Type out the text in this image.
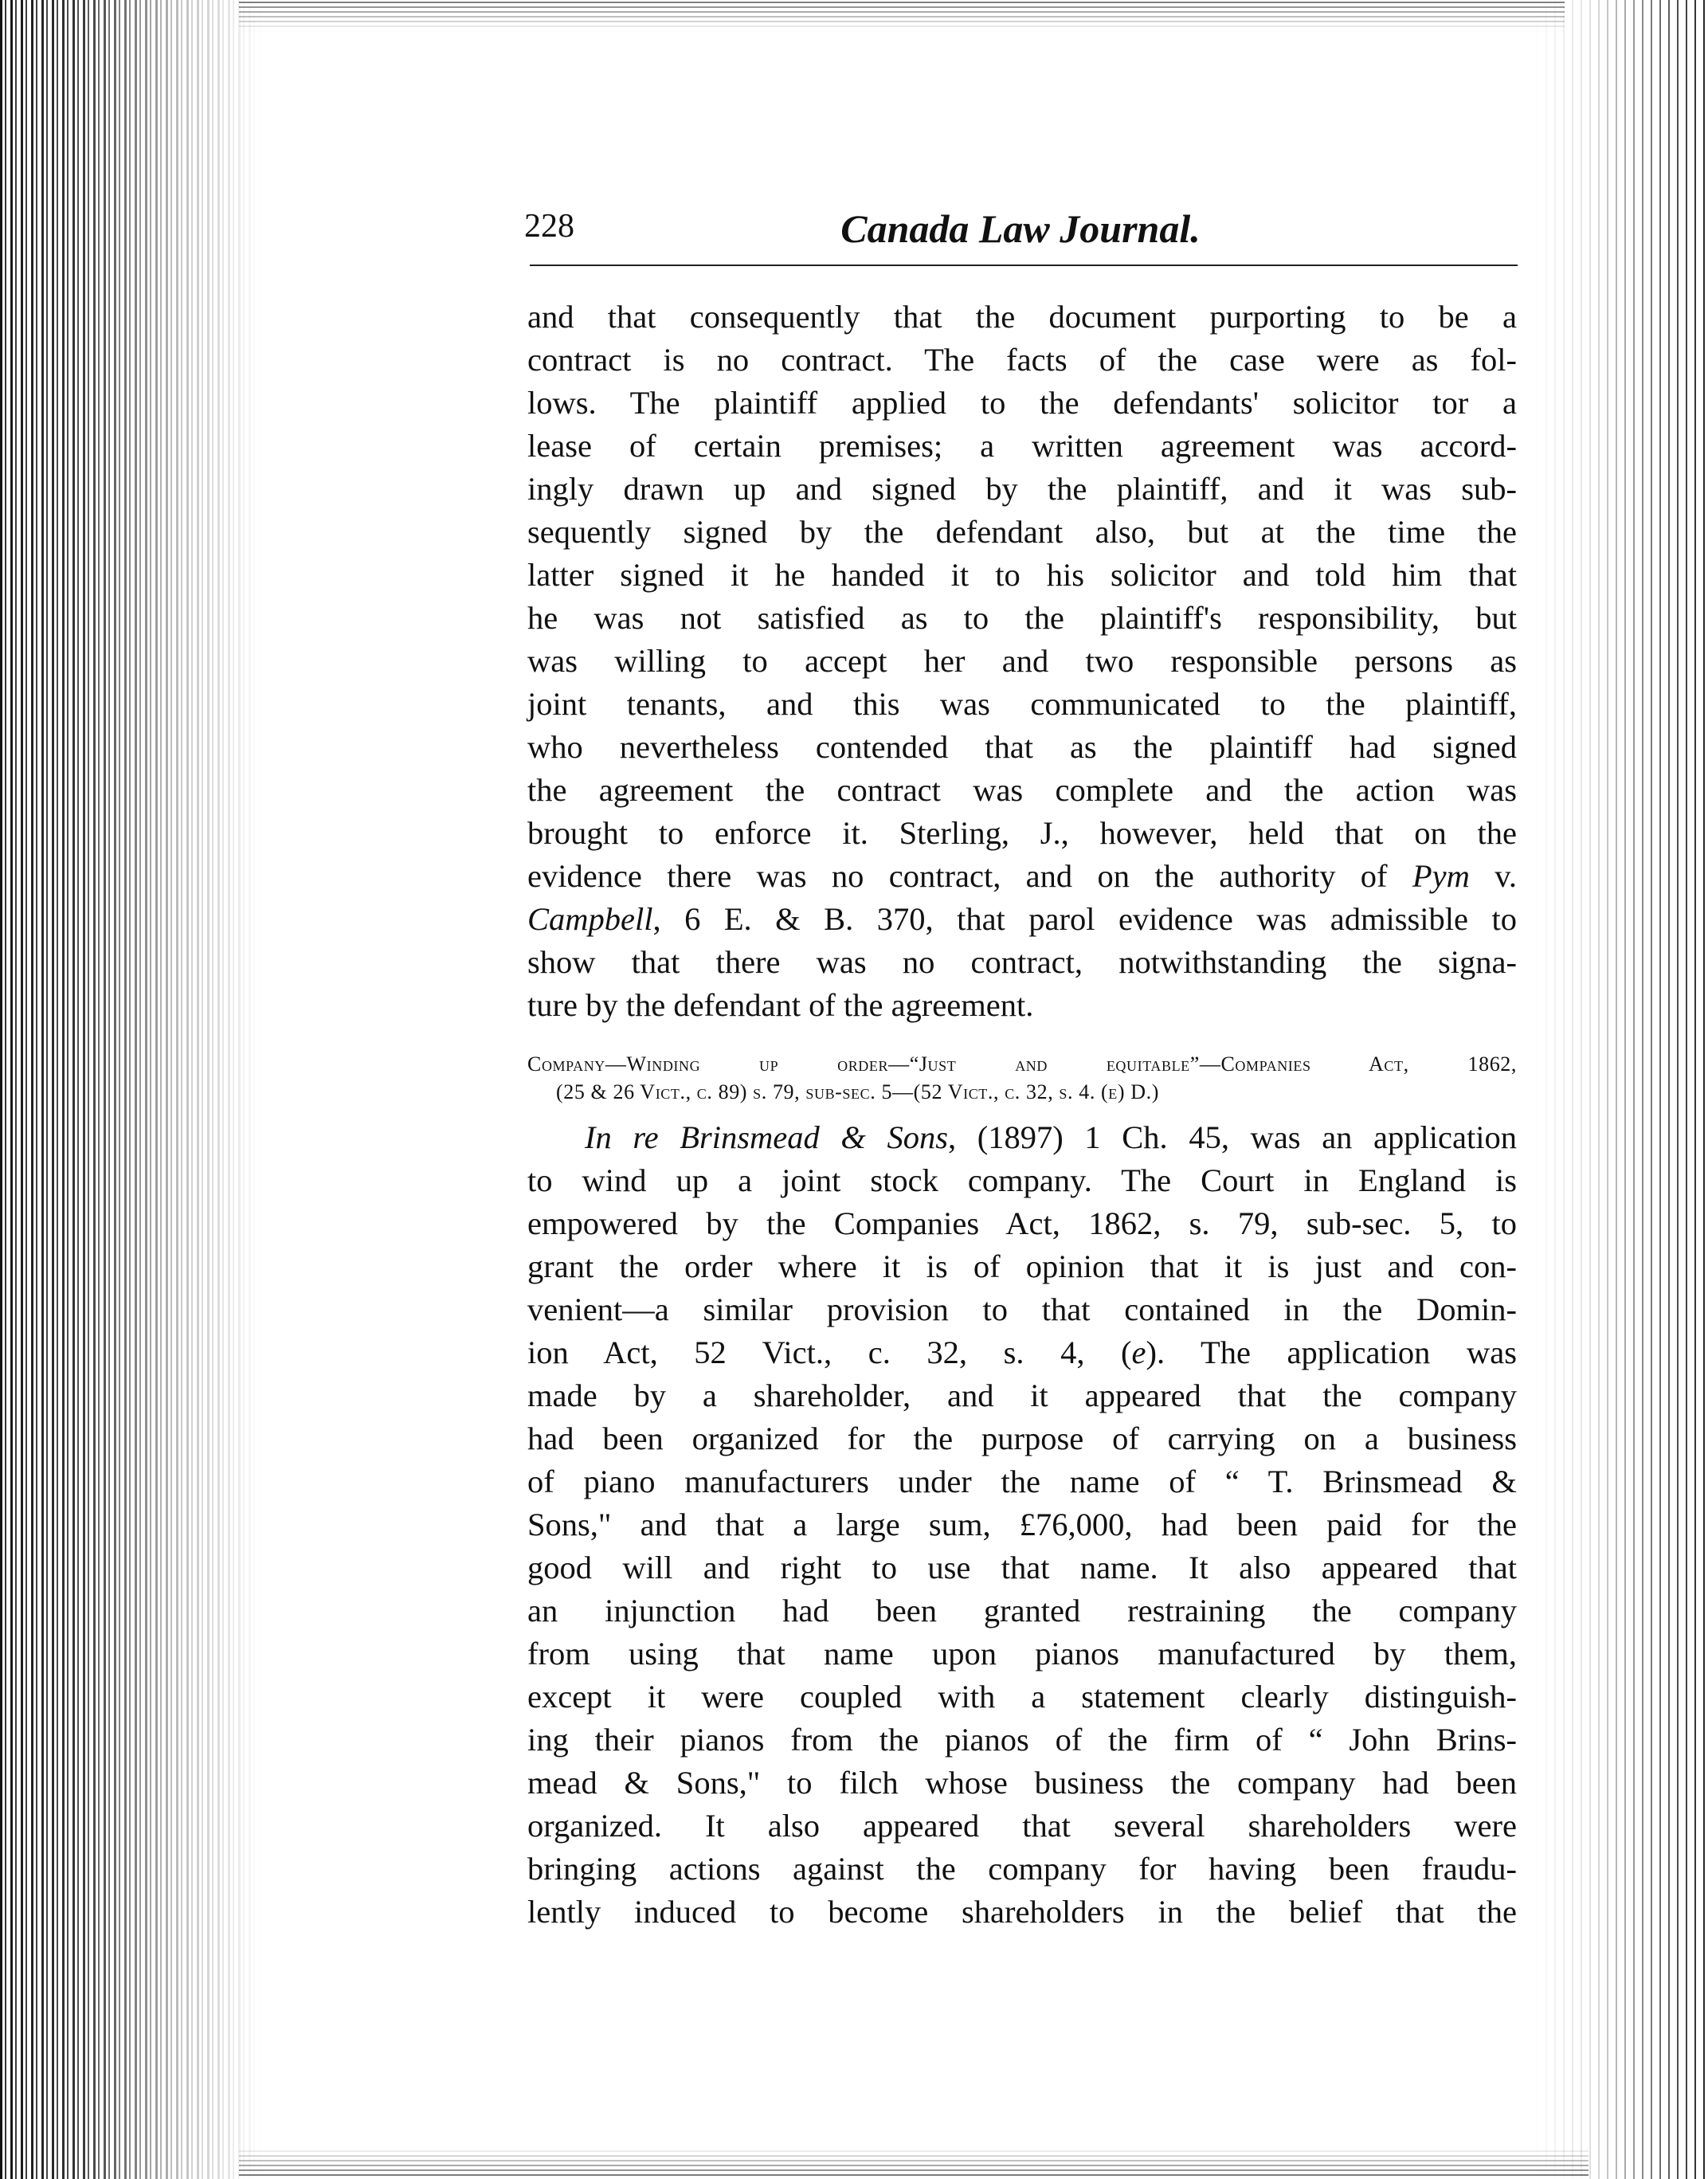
228	Canada Law Journal.
and that consequently that the document purporting to be a
contract is no contract. The facts of the case were as fol-
lows. The plaintiff applied to the defendants' solicitor tor a
lease of certain premises; a written agreement was accord-
ingly drawn up and signed by the plaintiff, and it was sub-
sequently signed by the defendant also, but at the time the
latter signed it he handed it to his solicitor and told him that
he was not satisfied as to the plaintiff's responsibility, but
was willing to accept her and two responsible persons as
joint tenants, and this was communicated to the plaintiff,
who nevertheless contended that as the plaintiff had signed
the agreement the contract was complete and the action was
brought to enforce it. Sterling, J., however, held that on the
evidence there was no contract, and on the authority of Pym v.
Campbell, 6 E. & B. 370, that parol evidence was admissible to
show that there was no contract, notwithstanding the signa-
ture by the defendant of the agreement.
Company—Winding up order—“Just and equitable”—Companies Act, 1862,
(25 & 26 Vict., c. 89) s. 79, sub-sec. 5—(52 Vict., c. 32, s. 4. (e) D.)
In re Brinsmead & Sons, (1897) 1 Ch. 45, was an application
to wind up a joint stock company. The Court in England is
empowered by the Companies Act, 1862, s. 79, sub-sec. 5, to
grant the order where it is of opinion that it is just and con-
venient—a similar provision to that contained in the Domin-
ion Act, 52 Vict., c. 32, s. 4, (e). The application was
made by a shareholder, and it appeared that the company
had been organized for the purpose of carrying on a business
of piano manufacturers under the name of “ T. Brinsmead &
Sons," and that a large sum, £76,000, had been paid for the
good will and right to use that name. It also appeared that
an injunction had been granted restraining the company
from using that name upon pianos manufactured by them,
except it were coupled with a statement clearly distinguish-
ing their pianos from the pianos of the firm of “ John Brins-
mead & Sons," to filch whose business the company had been
organized. It also appeared that several shareholders were
bringing actions against the company for having been fraudu-
lently induced to become shareholders in the belief that the
